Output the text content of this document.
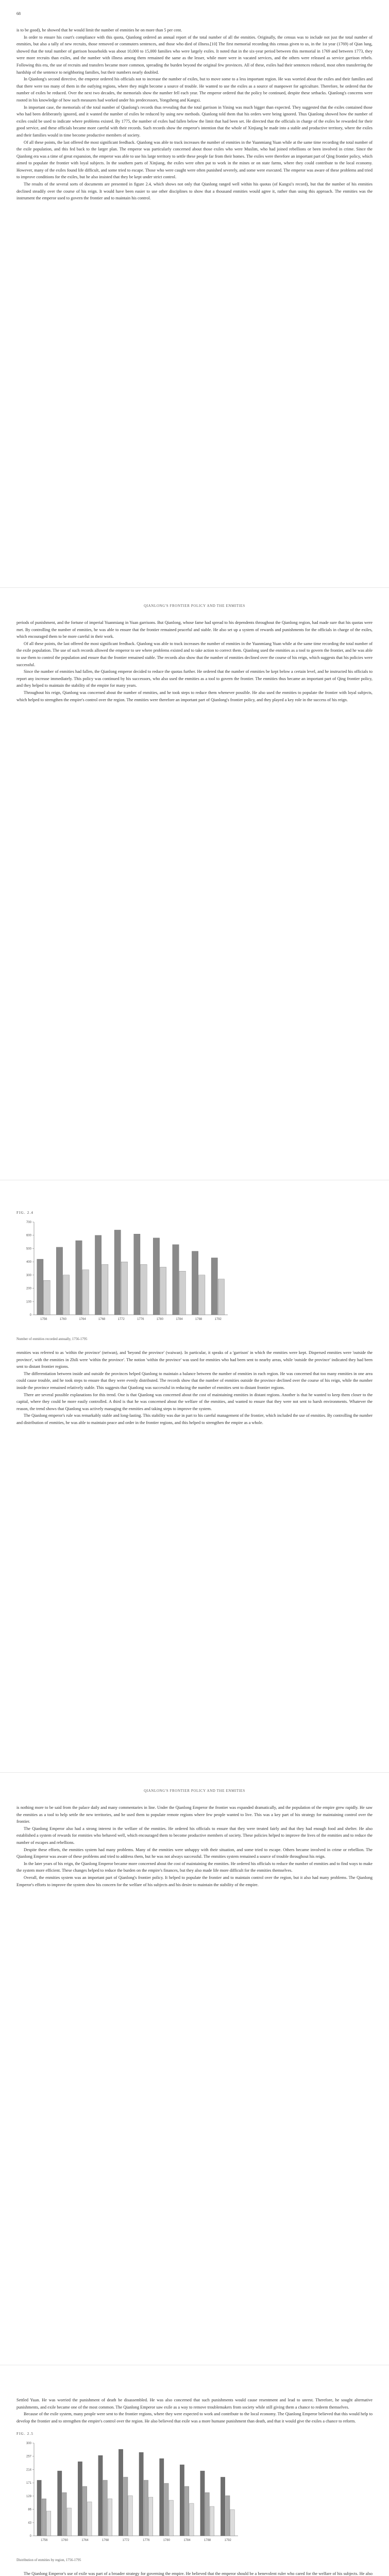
68

is to be good), he showed that he would limit the number of enmities he on more than 5 per cent.

In order to ensure his court's compliance with this quota, Qianlong ordered an annual report of the total number of all the enmities. Originally, the census was to include not just the total number of enmities, but also a tally of new recruits, those removed or commuters sentences, and those who died of illness.[10] The first memorial recording this census given to us, in the 1st year (1769) of Qian lung, showed that the total number of garrison households was about 10,000 to 15,000 families who were largely exiles. It noted that in the six-year period between this memorial in 1769 and between 1773, they were more recruits than exiles, and the number with illness among them remained the same as the lesser, while more were in vacated services, and the others were released as service garrison rebels. Following this era, the use of recruits and transfers became more common, spreading the burden beyond the original few provinces. All of these, exiles had their sentences reduced, most often transferring the hardship of the sentence to neighboring families, but their numbers nearly doubled.

In Qianlong's second directive, the emperor ordered his officials not to increase the number of exiles, but to move some to a less important region. He was worried about the exiles and their families and that there were too many of them in the outlying regions, where they might become a source of trouble. He wanted to use the exiles as a source of manpower for agriculture. Therefore, he ordered that the number of exiles be reduced. Over the next two decades, the memorials show the number fell each year. The emperor ordered that the policy be continued, despite these setbacks. Qianlong's concerns were rooted in his knowledge of how such measures had worked under his predecessors, Yongzheng and Kangxi.

In important case, the memorials of the total number of Qianlong's records thus revealing that the total garrison in Yining was much bigger than expected. They suggested that the exiles contained those who had been deliberately ignored, and it wanted the number of exiles be reduced by using new methods. Qianlong told them that his orders were being ignored. Thus Qianlong showed how the number of exiles could be used to indicate where problems existed. By 1775, the number of exiles had fallen below the limit that had been set. He directed that the officials in charge of the exiles be rewarded for their good service, and these officials became more careful with their records. Such records show the emperor's intention that the whole of Xinjiang be made into a stable and productive territory, where the exiles and their families would in time become productive members of society.

Of all these points, the last offered the most significant feedback. Qianlong was able to track increases the number of enmities in the Yuanmiang Yuan while at the same time recording the total number of the exile population, and this fed back to the larger plan. The emperor was particularly concerned about those exiles who were Muslim, who had joined rebellions or been involved in crime. Since the Qianlong era was a time of great expansion, the emperor was able to use his large territory to settle these people far from their homes. The exiles were therefore an important part of Qing frontier policy, which aimed to populate the frontier with loyal subjects. In the southern parts of Xinjiang, the exiles were often put to work in the mines or on state farms, where they could contribute to the local economy. However, many of the exiles found life difficult, and some tried to escape. Those who were caught were often punished severely, and some were executed. The emperor was aware of these problems and tried to improve conditions for the exiles, but he also insisted that they be kept under strict control.

The results of the several sorts of documents are presented in figure 2.4, which shows not only that Qianlong ranged well within his quotas (of Kangxi's record), but that the number of his enmities declined steadily over the course of his reign. It would have been easier to use other disciplines to show that a thousand enmities would agree it, rather than using this approach. The enmities was the instrument the emperor used to govern the frontier and to maintain his control.

QIANLONG'S FRONTIER POLICY AND THE ENMITIES

periods of punishment, and the fortune of imperial Yuanmiang in Yuan garrisons. But Qianlong, whose fame had spread to his dependents throughout the Qianlong region, had made sure that his quotas were met. By controlling the number of enmities, he was able to ensure that the frontier remained peaceful and stable. He also set up a system of rewards and punishments for the officials in charge of the exiles, which encouraged them to be more careful in their work.

Of all these points, the last offered the most significant feedback. Qianlong was able to track increases the number of enmities in the Yuanmiang Yuan while at the same time recording the total number of the exile population. The use of such records allowed the emperor to see where problems existed and to take action to correct them. Qianlong used the enmities as a tool to govern the frontier, and he was able to use them to control the population and ensure that the frontier remained stable. The records also show that the number of enmities declined over the course of his reign, which suggests that his policies were successful.

Since the number of enmities had fallen, the Qianlong emperor decided to reduce the quotas further. He ordered that the number of enmities be kept below a certain level, and he instructed his officials to report any increase immediately. This policy was continued by his successors, who also used the enmities as a tool to govern the frontier. The enmities thus became an important part of Qing frontier policy, and they helped to maintain the stability of the empire for many years.

Throughout his reign, Qianlong was concerned about the number of enmities, and he took steps to reduce them whenever possible. He also used the enmities to populate the frontier with loyal subjects, which helped to strengthen the empire's control over the region. The enmities were therefore an important part of Qianlong's frontier policy, and they played a key role in the success of his reign.

FIG. 2.4
0
100
200
300
400
500
600
700
1756	1760	1764	1768	1772	1776	1780	1784	1788	1792
Number of enmities recorded annually, 1756-1795

enmities was referred to as 'within the province' (neiwan), and 'beyond the province' (waiwan). In particular, it speaks of a 'garrison' in which the enmities were kept. Dispersed enmities were 'outside the province', with the enmities in Zhili were 'within the province'. The notion 'within the province' was used for enmities who had been sent to nearby areas, while 'outside the province' indicated they had been sent to distant frontier regions.

The differentiation between inside and outside the provinces helped Qianlong to maintain a balance between the number of enmities in each region. He was concerned that too many enmities in one area could cause trouble, and he took steps to ensure that they were evenly distributed. The records show that the number of enmities outside the province declined over the course of his reign, while the number inside the province remained relatively stable. This suggests that Qianlong was successful in reducing the number of enmities sent to distant frontier regions.

There are several possible explanations for this trend. One is that Qianlong was concerned about the cost of maintaining enmities in distant regions. Another is that he wanted to keep them closer to the capital, where they could be more easily controlled. A third is that he was concerned about the welfare of the enmities, and wanted to ensure that they were not sent to harsh environments. Whatever the reason, the trend shows that Qianlong was actively managing the enmities and taking steps to improve the system.

The Qianlong emperor's rule was remarkably stable and long-lasting. This stability was due in part to his careful management of the frontier, which included the use of enmities. By controlling the number and distribution of enmities, he was able to maintain peace and order in the frontier regions, and this helped to strengthen the empire as a whole.

QIANLONG'S FRONTIER POLICY AND THE ENMITIES

is nothing more to be said from the palace daily and many commentaries in line. Under the Qianlong Emperor the frontier was expanded dramatically, and the population of the empire grew rapidly. He saw the enmities as a tool to help settle the new territories, and he used them to populate remote regions where few people wanted to live. This was a key part of his strategy for maintaining control over the frontier.

The Qianlong Emperor also had a strong interest in the welfare of the enmities. He ordered his officials to ensure that they were treated fairly and that they had enough food and shelter. He also established a system of rewards for enmities who behaved well, which encouraged them to become productive members of society. These policies helped to improve the lives of the enmities and to reduce the number of escapes and rebellions.

Despite these efforts, the enmities system had many problems. Many of the enmities were unhappy with their situation, and some tried to escape. Others became involved in crime or rebellion. The Qianlong Emperor was aware of these problems and tried to address them, but he was not always successful. The enmities system remained a source of trouble throughout his reign.

In the later years of his reign, the Qianlong Emperor became more concerned about the cost of maintaining the enmities. He ordered his officials to reduce the number of enmities and to find ways to make the system more efficient. These changes helped to reduce the burden on the empire's finances, but they also made life more difficult for the enmities themselves.

Overall, the enmities system was an important part of Qianlong's frontier policy. It helped to populate the frontier and to maintain control over the region, but it also had many problems. The Qianlong Emperor's efforts to improve the system show his concern for the welfare of his subjects and his desire to maintain the stability of the empire.

Settled Yuan. He was worried the punishment of death be disassembled. He was also concerned that such punishments would cause resentment and lead to unrest. Therefore, he sought alternative punishments, and exile became one of the most common. The Qianlong Emperor saw exile as a way to remove troublemakers from society while still giving them a chance to redeem themselves.

Because of the exile system, many people were sent to the frontier regions, where they were expected to work and contribute to the local economy. The Qianlong Emperor believed that this would help to develop the frontier and to strengthen the empire's control over the region. He also believed that exile was a more humane punishment than death, and that it would give the exiles a chance to reform.

FIG. 2.5
0
43
86
129
171
214
257
300
1756	1760	1764	1768	1772	1776	1780	1784	1788	1792
Distribution of enmities by region, 1756-1795

The Qianlong Emperor's use of exile was part of a broader strategy for governing the empire. He believed that the emperor should be a benevolent ruler who cared for the welfare of his subjects. He also
